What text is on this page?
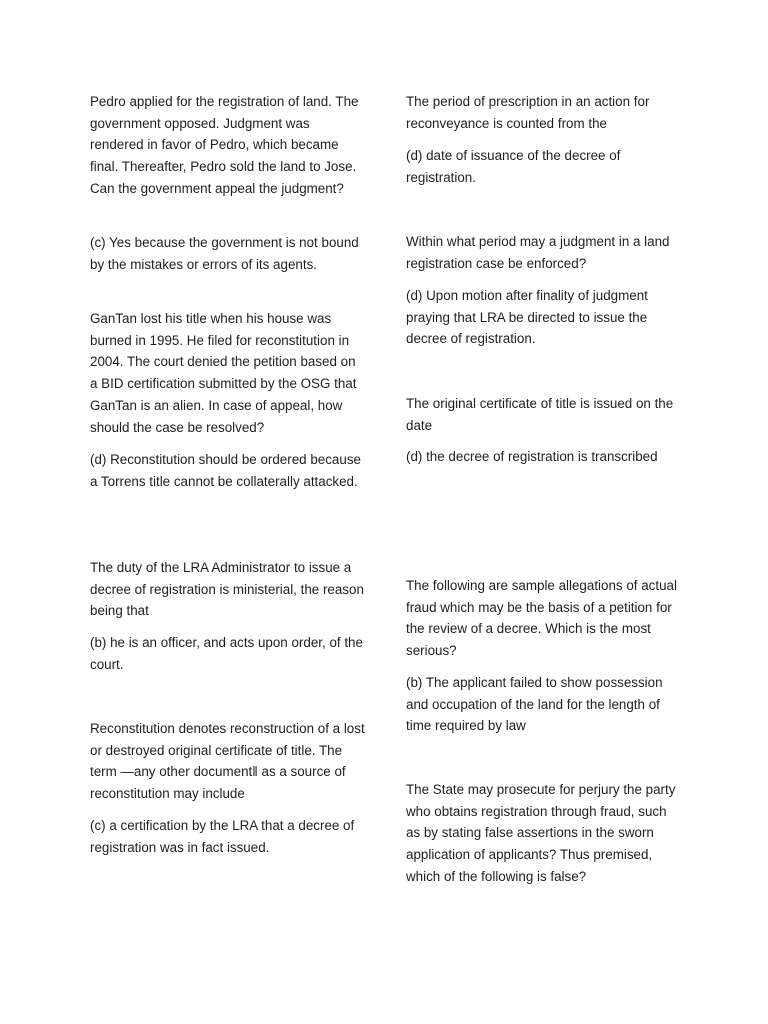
Pedro applied for the registration of land. The government opposed. Judgment was rendered in favor of Pedro, which became final. Thereafter, Pedro sold the land to Jose. Can the government appeal the judgment?

(c) Yes because the government is not bound by the mistakes or errors of its agents.

GanTan lost his title when his house was burned in 1995. He filed for reconstitution in 2004. The court denied the petition based on a BID certification submitted by the OSG that GanTan is an alien. In case of appeal, how should the case be resolved?

(d) Reconstitution should be ordered because a Torrens title cannot be collaterally attacked.

The duty of the LRA Administrator to issue a decree of registration is ministerial, the reason being that

(b) he is an officer, and acts upon order, of the court.

Reconstitution denotes reconstruction of a lost or destroyed original certificate of title. The term ―any other document‖ as a source of reconstitution may include

(c) a certification by the LRA that a decree of registration was in fact issued.

The period of prescription in an action for reconveyance is counted from the

(d) date of issuance of the decree of registration.

Within what period may a judgment in a land registration case be enforced?

(d) Upon motion after finality of judgment praying that LRA be directed to issue the decree of registration.

The original certificate of title is issued on the date

(d) the decree of registration is transcribed

The following are sample allegations of actual fraud which may be the basis of a petition for the review of a decree. Which is the most serious?

(b) The applicant failed to show possession and occupation of the land for the length of time required by law

The State may prosecute for perjury the party who obtains registration through fraud, such as by stating false assertions in the sworn application of applicants? Thus premised, which of the following is false?
